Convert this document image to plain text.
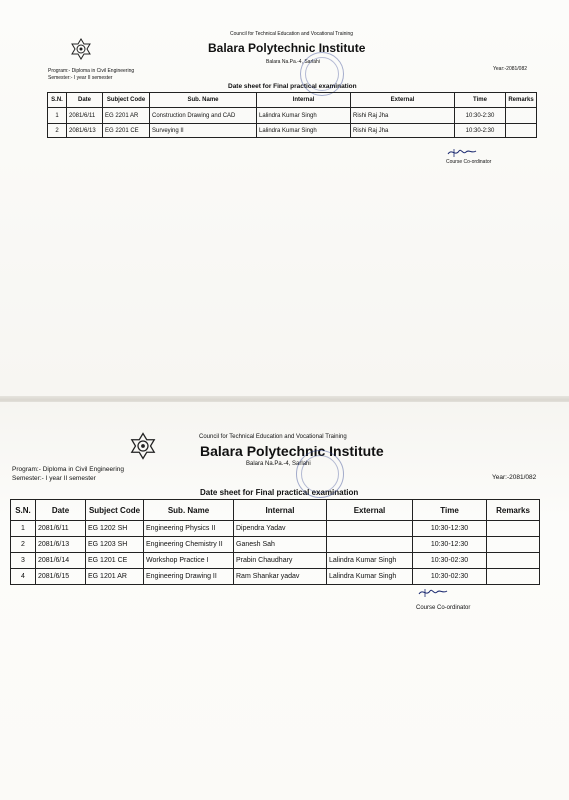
Council for Technical Education and Vocational Training
Balara Polytechnic Institute
Balara Na.Pa.-4, Sarlahi
Program:- Diploma in Civil Engineering
Semester:- I year II semester
Year:-2081/082
Date sheet for Final practical examination
S.N.	Date	Subject Code	Sub. Name	Internal	External	Time	Remarks
1	2081/6/11	EG 2201 AR	Construction Drawing and CAD	Lalindra Kumar Singh	Rishi Raj Jha	10:30-2:30	
2	2081/6/13	EG 2201 CE	Surveying II	Lalindra Kumar Singh	Rishi Raj Jha	10:30-2:30	
Course Co-ordinator
Council for Technical Education and Vocational Training
Balara Polytechnic Institute
Balara Na.Pa.-4, Sarlahi
Program:- Diploma in Civil Engineering
Semester:- I year II semester	Year:-2081/082
Date sheet for Final practical examination
S.N.	Date	Subject Code	Sub. Name	Internal	External	Time	Remarks
1	2081/6/11	EG 1202 SH	Engineering Physics II	Dipendra Yadav		10:30-12:30	
2	2081/6/13	EG 1203 SH	Engineering Chemistry II	Ganesh Sah		10:30-12:30	
3	2081/6/14	EG 1201 CE	Workshop Practice I	Prabin Chaudhary	Lalindra Kumar Singh	10:30-02:30	
4	2081/6/15	EG 1201 AR	Engineering Drawing II	Ram Shankar yadav	Lalindra Kumar Singh	10:30-02:30	
Course Co-ordinator
